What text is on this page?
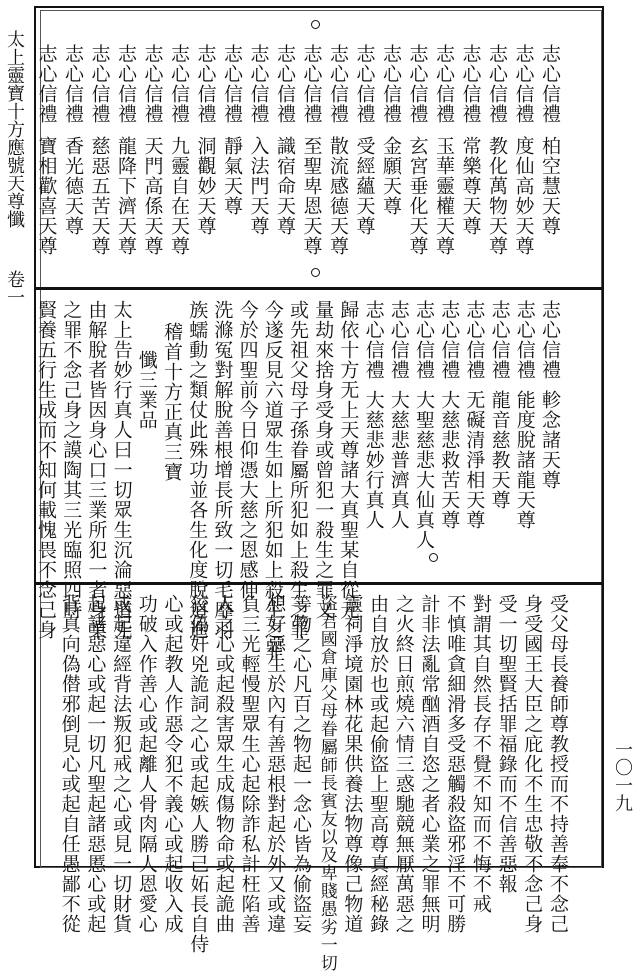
太上靈寶十方應號天尊懺
卷一
一〇一九
志心信禮
柏空慧天尊
志心信禮
度仙高妙天尊
志心信禮
教化萬物天尊
志心信禮
常樂尊天尊
志心信禮
玉華靈權天尊
志心信禮
玄宮垂化天尊
志心信禮
金願天尊
志心信禮
受經蘊天尊
志心信禮
散流感德天尊
志心信禮
至聖卑恩天尊
志心信禮
識宿命天尊
志心信禮
入法門天尊
志心信禮
靜氣天尊
志心信禮
洞觀妙天尊
志心信禮
九靈自在天尊
志心信禮
天門高係天尊
志心信禮
龍降下濟天尊
志心信禮
慈惡五苦天尊
志心信禮
香光德天尊
志心信禮
寶相歡喜天尊
志心信禮
軫念諸天尊
志心信禮
能度脫諸龍天尊
志心信禮
龍音慈教天尊
志心信禮
无礙清淨相天尊
志心信禮
大慈悲救苦天尊
志心信禮
大聖慈悲大仙真人
志心信禮
大慈悲普濟真人
志心信禮
大慈悲妙行真人
歸依十方无上天尊諸大真聖某自從元
量劫來捨身受身或曾犯一殺生之罪又
或先祖父母子孫眷屬所犯如上殺生之罪
今遂反見六道眾生如上所犯如上殺生之罪
今於四聖前今日仰憑大慈之恩感伸
洗滌冤對解脫善根增長所致一切毛靡羽
族蠕動之類仗此殊功並各生化度脫道進
稽首十方正真三寶
懺三業品
太上告妙行真人曰一切眾生沉淪惡道无
由解脫者皆因身心口三業所犯一者身業
之罪不念己身之謨陶其三光臨照四時
賢養五行生成而不知何載愧畏不念己身
受父母長養師尊教授而不持善奉不念己
身受國王大臣之庇化不生忠敬不念己身
受一切聖賢括罪福錄而不信善惡報
對謂其自然長存不覺不知而不悔不戒
不慎唯貪細滑多受惡觸殺盜邪淫不可勝
計非法亂常酗酒自恣之者心業之罪無明
之火終日煎燒六情三惑馳競無厭萬惡之
由自放於也或起偷盜上聖高尊真經秘錄
靈祠淨境園林花果供養法物尊像己物道
盜君國倉庫父母眷屬師長賓友以及卑賤愚劣一切
等物之心凡百之物起一念心皆為偷盜妄
想好惡生於內有善惡根對起於外又或違
負三光輕慢聖眾生心起除詐私計枉陷善
人之心或起殺害眾生成傷物命或起詭曲
狡偽奸兇詭詞之心或起嫉人勝己妬長自侍
心或起教人作惡令犯不義心或起收入成
功破入作善心或起離人骨肉隔人恩愛心
或起違經背法叛犯戒之心或見一切財貨
起諸惡心或起一切凡聖起諸惡慝心或起
背真向偽僣邪倒見心或起自任愚鄙不從
